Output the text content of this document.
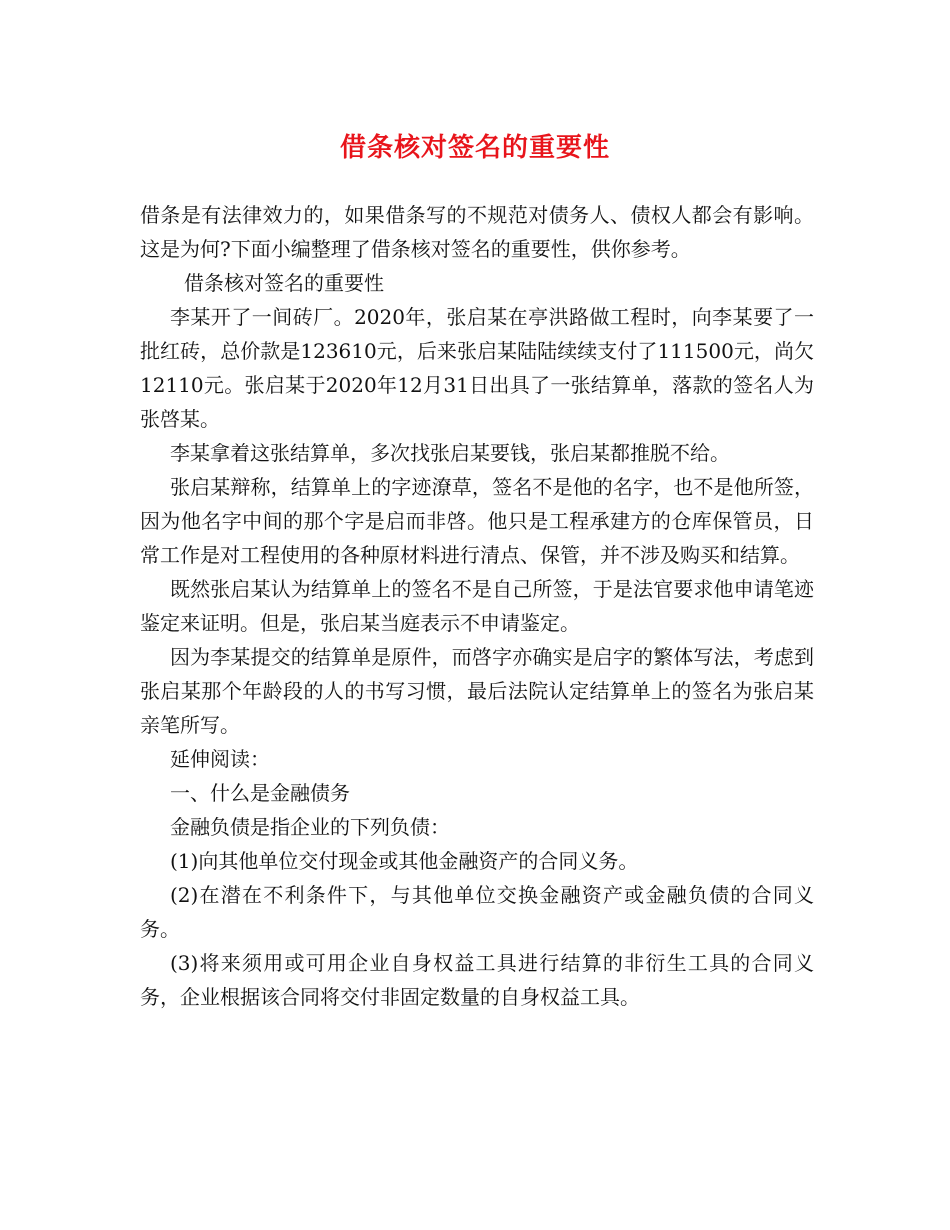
借条核对签名的重要性

借条是有法律效力的，如果借条写的不规范对债务人、债权人都会有影响。这是为何?下面小编整理了借条核对签名的重要性，供你参考。

借条核对签名的重要性

李某开了一间砖厂。2020年，张启某在亭洪路做工程时，向李某要了一批红砖，总价款是123610元，后来张启某陆陆续续支付了111500元，尚欠12110元。张启某于2020年12月31日出具了一张结算单，落款的签名人为张啓某。

李某拿着这张结算单，多次找张启某要钱，张启某都推脱不给。

张启某辩称，结算单上的字迹潦草，签名不是他的名字，也不是他所签，因为他名字中间的那个字是启而非啓。他只是工程承建方的仓库保管员，日常工作是对工程使用的各种原材料进行清点、保管，并不涉及购买和结算。

既然张启某认为结算单上的签名不是自己所签，于是法官要求他申请笔迹鉴定来证明。但是，张启某当庭表示不申请鉴定。

因为李某提交的结算单是原件，而啓字亦确实是启字的繁体写法，考虑到张启某那个年龄段的人的书写习惯，最后法院认定结算单上的签名为张启某亲笔所写。

延伸阅读：

一、什么是金融债务

金融负债是指企业的下列负债：

(1)向其他单位交付现金或其他金融资产的合同义务。

(2)在潜在不利条件下，与其他单位交换金融资产或金融负债的合同义务。

(3)将来须用或可用企业自身权益工具进行结算的非衍生工具的合同义务，企业根据该合同将交付非固定数量的自身权益工具。
